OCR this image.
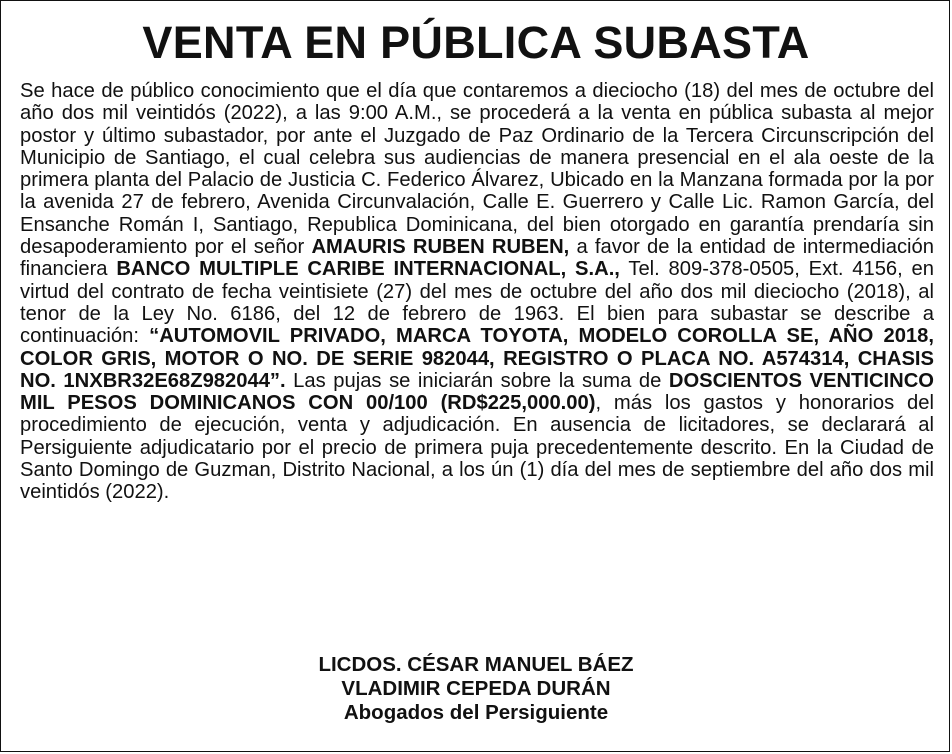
VENTA EN PÚBLICA SUBASTA
Se hace de público conocimiento que el día que contaremos a dieciocho (18) del mes de octubre del año dos mil veintidós (2022), a las 9:00 A.M., se procederá a la venta en pública subasta al mejor postor y último subastador, por ante el Juzgado de Paz Ordinario de la Tercera Circunscripción del Municipio de Santiago, el cual celebra sus audiencias de manera presencial en el ala oeste de la primera planta del Palacio de Justicia C. Federico Álvarez, Ubicado en la Manzana formada por la por la avenida 27 de febrero, Avenida Circunvalación, Calle E. Guerrero y Calle Lic. Ramon García, del Ensanche Román I, Santiago, Republica Dominicana, del bien otorgado en garantía prendaría sin desapoderamiento por el señor AMAURIS RUBEN RUBEN, a favor de la entidad de intermediación financiera BANCO MULTIPLE CARIBE INTERNACIONAL, S.A., Tel. 809-378-0505, Ext. 4156, en virtud del contrato de fecha veintisiete (27) del mes de octubre del año dos mil dieciocho (2018), al tenor de la Ley No. 6186, del 12 de febrero de 1963. El bien para subastar se describe a continuación: “AUTOMOVIL PRIVADO, MARCA TOYOTA, MODELO COROLLA SE, AÑO 2018, COLOR GRIS, MOTOR O NO. DE SERIE 982044, REGISTRO O PLACA NO. A574314, CHASIS NO. 1NXBR32E68Z982044”. Las pujas se iniciarán sobre la suma de DOSCIENTOS VENTICINCO MIL PESOS DOMINICANOS CON 00/100 (RD$225,000.00), más los gastos y honorarios del procedimiento de ejecución, venta y adjudicación. En ausencia de licitadores, se declarará al Persiguiente adjudicatario por el precio de primera puja precedentemente descrito. En la Ciudad de Santo Domingo de Guzman, Distrito Nacional, a los ún (1) día del mes de septiembre del año dos mil veintidós (2022).
LICDOS. CÉSAR MANUEL BÁEZ
VLADIMIR CEPEDA DURÁN
Abogados del Persiguiente
